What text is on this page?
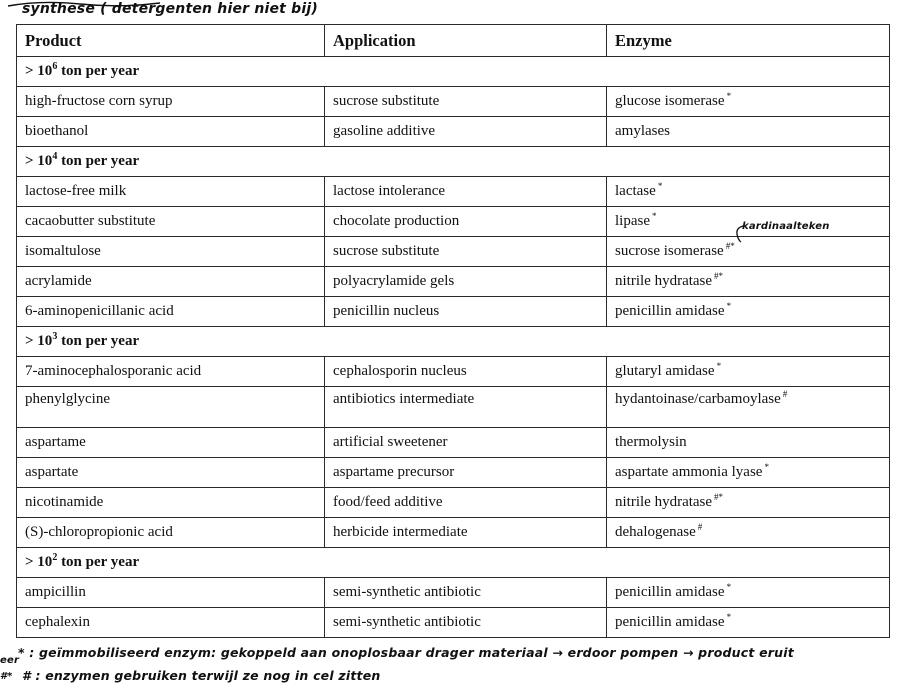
synthese ( detergenten hier niet bij)
Product	Application	Enzyme
> $10^6$ ton per year		
high-fructose corn syrup	sucrose substitute	glucose isomerase *
bioethanol	gasoline additive	amylases
> $10^4$ ton per year		
lactose-free milk	lactose intolerance	lactase *
cacaobutter substitute	chocolate production	lipase *
isomaltulose	sucrose substitute	sucrose isomerase #*
acrylamide	polyacrylamide gels	nitrile hydratase #*
6-aminopenicillanic acid	penicillin nucleus	penicillin amidase *
> $10^3$ ton per year		
7-aminocephalosporanic acid	cephalosporin nucleus	glutaryl amidase *
phenylglycine	antibiotics intermediate	hydantoinase/carbamoylase #
aspartame	artificial sweetener	thermolysin
aspartate	aspartame precursor	aspartate ammonia lyase *
nicotinamide	food/feed additive	nitrile hydratase #*
(S)-chloropropionic acid	herbicide intermediate	dehalogenase #
> $10^2$ ton per year		
ampicillin	semi-synthetic antibiotic	penicillin amidase *
cephalexin	semi-synthetic antibiotic	penicillin amidase *
kardinaalteken
eer
#*
* : geïmmobiliseerd enzym: gekoppeld aan onoplosbaar drager materiaal → erdoor pompen → product eruit
# : enzymen gebruiken terwijl ze nog in cel zitten
